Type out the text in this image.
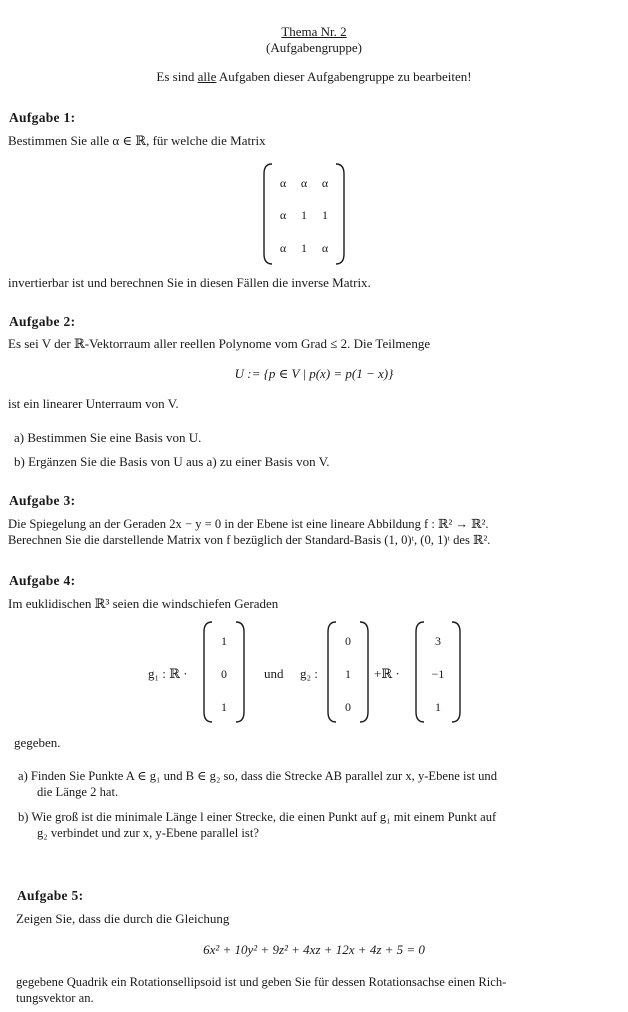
Thema Nr. 2
(Aufgabengruppe)
Es sind alle Aufgaben dieser Aufgabengruppe zu bearbeiten!
Aufgabe 1:
Bestimmen Sie alle α ∈ ℝ, für welche die Matrix
α	α	α
α	1	1
α	1	α
invertierbar ist und berechnen Sie in diesen Fällen die inverse Matrix.
Aufgabe 2:
Es sei V der ℝ-Vektorraum aller reellen Polynome vom Grad ≤ 2. Die Teilmenge
U := {p ∈ V | p(x) = p(1 − x)}
ist ein linearer Unterraum von V.
a) Bestimmen Sie eine Basis von U.
b) Ergänzen Sie die Basis von U aus a) zu einer Basis von V.
Aufgabe 3:
Die Spiegelung an der Geraden 2x − y = 0 in der Ebene ist eine lineare Abbildung f : ℝ² → ℝ².
Berechnen Sie die darstellende Matrix von f bezüglich der Standard-Basis (1, 0)ᵗ, (0, 1)ᵗ des ℝ².
Aufgabe 4:
Im euklidischen ℝ³ seien die windschiefen Geraden
g₁ : ℝ ·
1
0
1
und g₂ :
0
1
0
+ℝ ·
3
−1
1
gegeben.
a) Finden Sie Punkte A ∈ g₁ und B ∈ g₂ so, dass die Strecke AB parallel zur x, y-Ebene ist und
die Länge 2 hat.
b) Wie groß ist die minimale Länge l einer Strecke, die einen Punkt auf g₁ mit einem Punkt auf
g₂ verbindet und zur x, y-Ebene parallel ist?
Aufgabe 5:
Zeigen Sie, dass die durch die Gleichung
6x² + 10y² + 9z² + 4xz + 12x + 4z + 5 = 0
gegebene Quadrik ein Rotationsellipsoid ist und geben Sie für dessen Rotationsachse einen Rich-
tungsvektor an.
